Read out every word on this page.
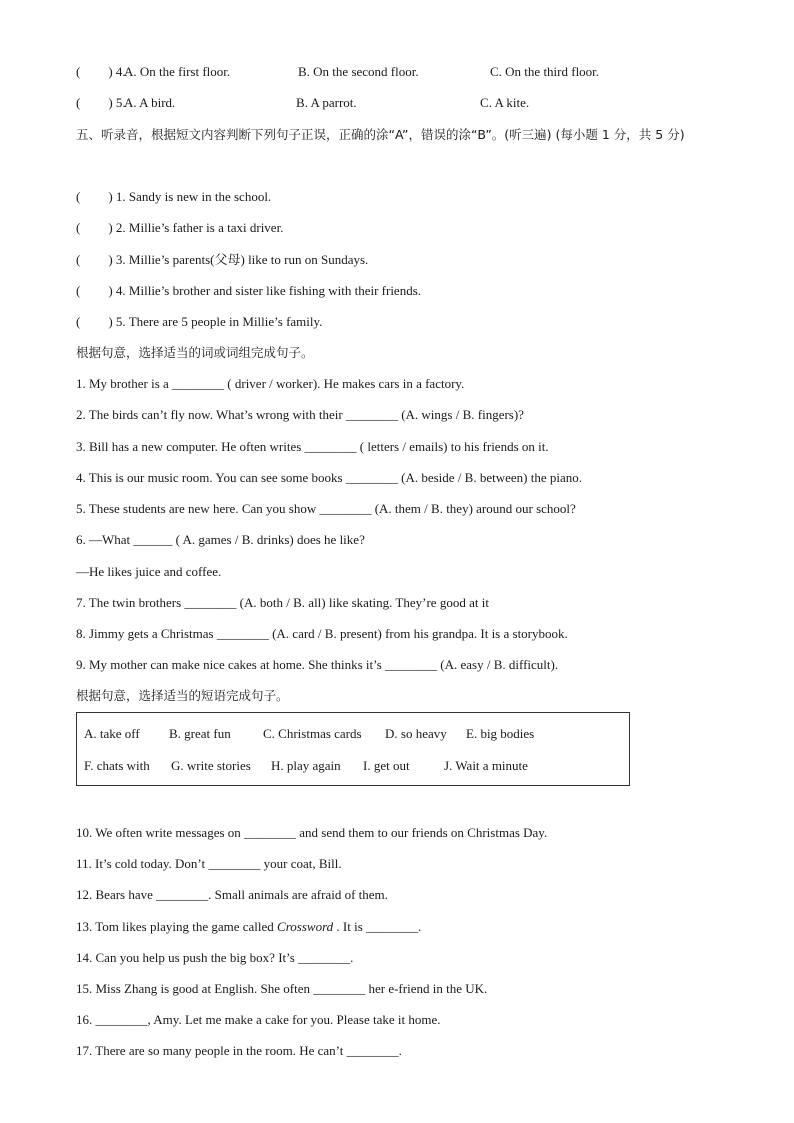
( ) 4.
A. On the first floor.	B. On the second floor.	C. On the third floor.
( ) 5.
A. A bird.	B. A parrot.	C. A kite.
五、听录音，根据短文内容判断下列句子正误，正确的涂“A”，错误的涂“B”。(听三遍) (每小题 1 分，共 5 分)
( ) 1. Sandy is new in the school.
( ) 2. Millie’s father is a taxi driver.
( ) 3. Millie’s parents(父母) like to run on Sundays.
( ) 4. Millie’s brother and sister like fishing with their friends.
( ) 5. There are 5 people in Millie’s family.
根据句意，选择适当的词或词组完成句子。
1. My brother is a ________ ( driver / worker). He makes cars in a factory.
2. The birds can’t fly now. What’s wrong with their ________ (A. wings / B. fingers)?
3. Bill has a new computer. He often writes ________ ( letters / emails) to his friends on it.
4. This is our music room. You can see some books ________ (A. beside / B. between) the piano.
5. These students are new here. Can you show ________ (A. them / B. they) around our school?
6. —What ______ ( A. games / B. drinks) does he like?
—He likes juice and coffee.
7. The twin brothers ________ (A. both / B. all) like skating. They’re good at it
8. Jimmy gets a Christmas ________ (A. card / B. present) from his grandpa. It is a storybook.
9. My mother can make nice cakes at home. She thinks it’s ________ (A. easy / B. difficult).
根据句意，选择适当的短语完成句子。
A. take off B. great fun C. Christmas cards D. so heavy E. big bodies
F. chats with G. write stories H. play again I. get out	J. Wait a minute
10. We often write messages on ________ and send them to our friends on Christmas Day.
11. It’s cold today. Don’t ________ your coat, Bill.
12. Bears have ________. Small animals are afraid of them.
13. Tom likes playing the game called Crossword . It is ________.
14. Can you help us push the big box? It’s ________.
15. Miss Zhang is good at English. She often ________ her e-friend in the UK.
16. ________, Amy. Let me make a cake for you. Please take it home.
17. There are so many people in the room. He can’t ________.
